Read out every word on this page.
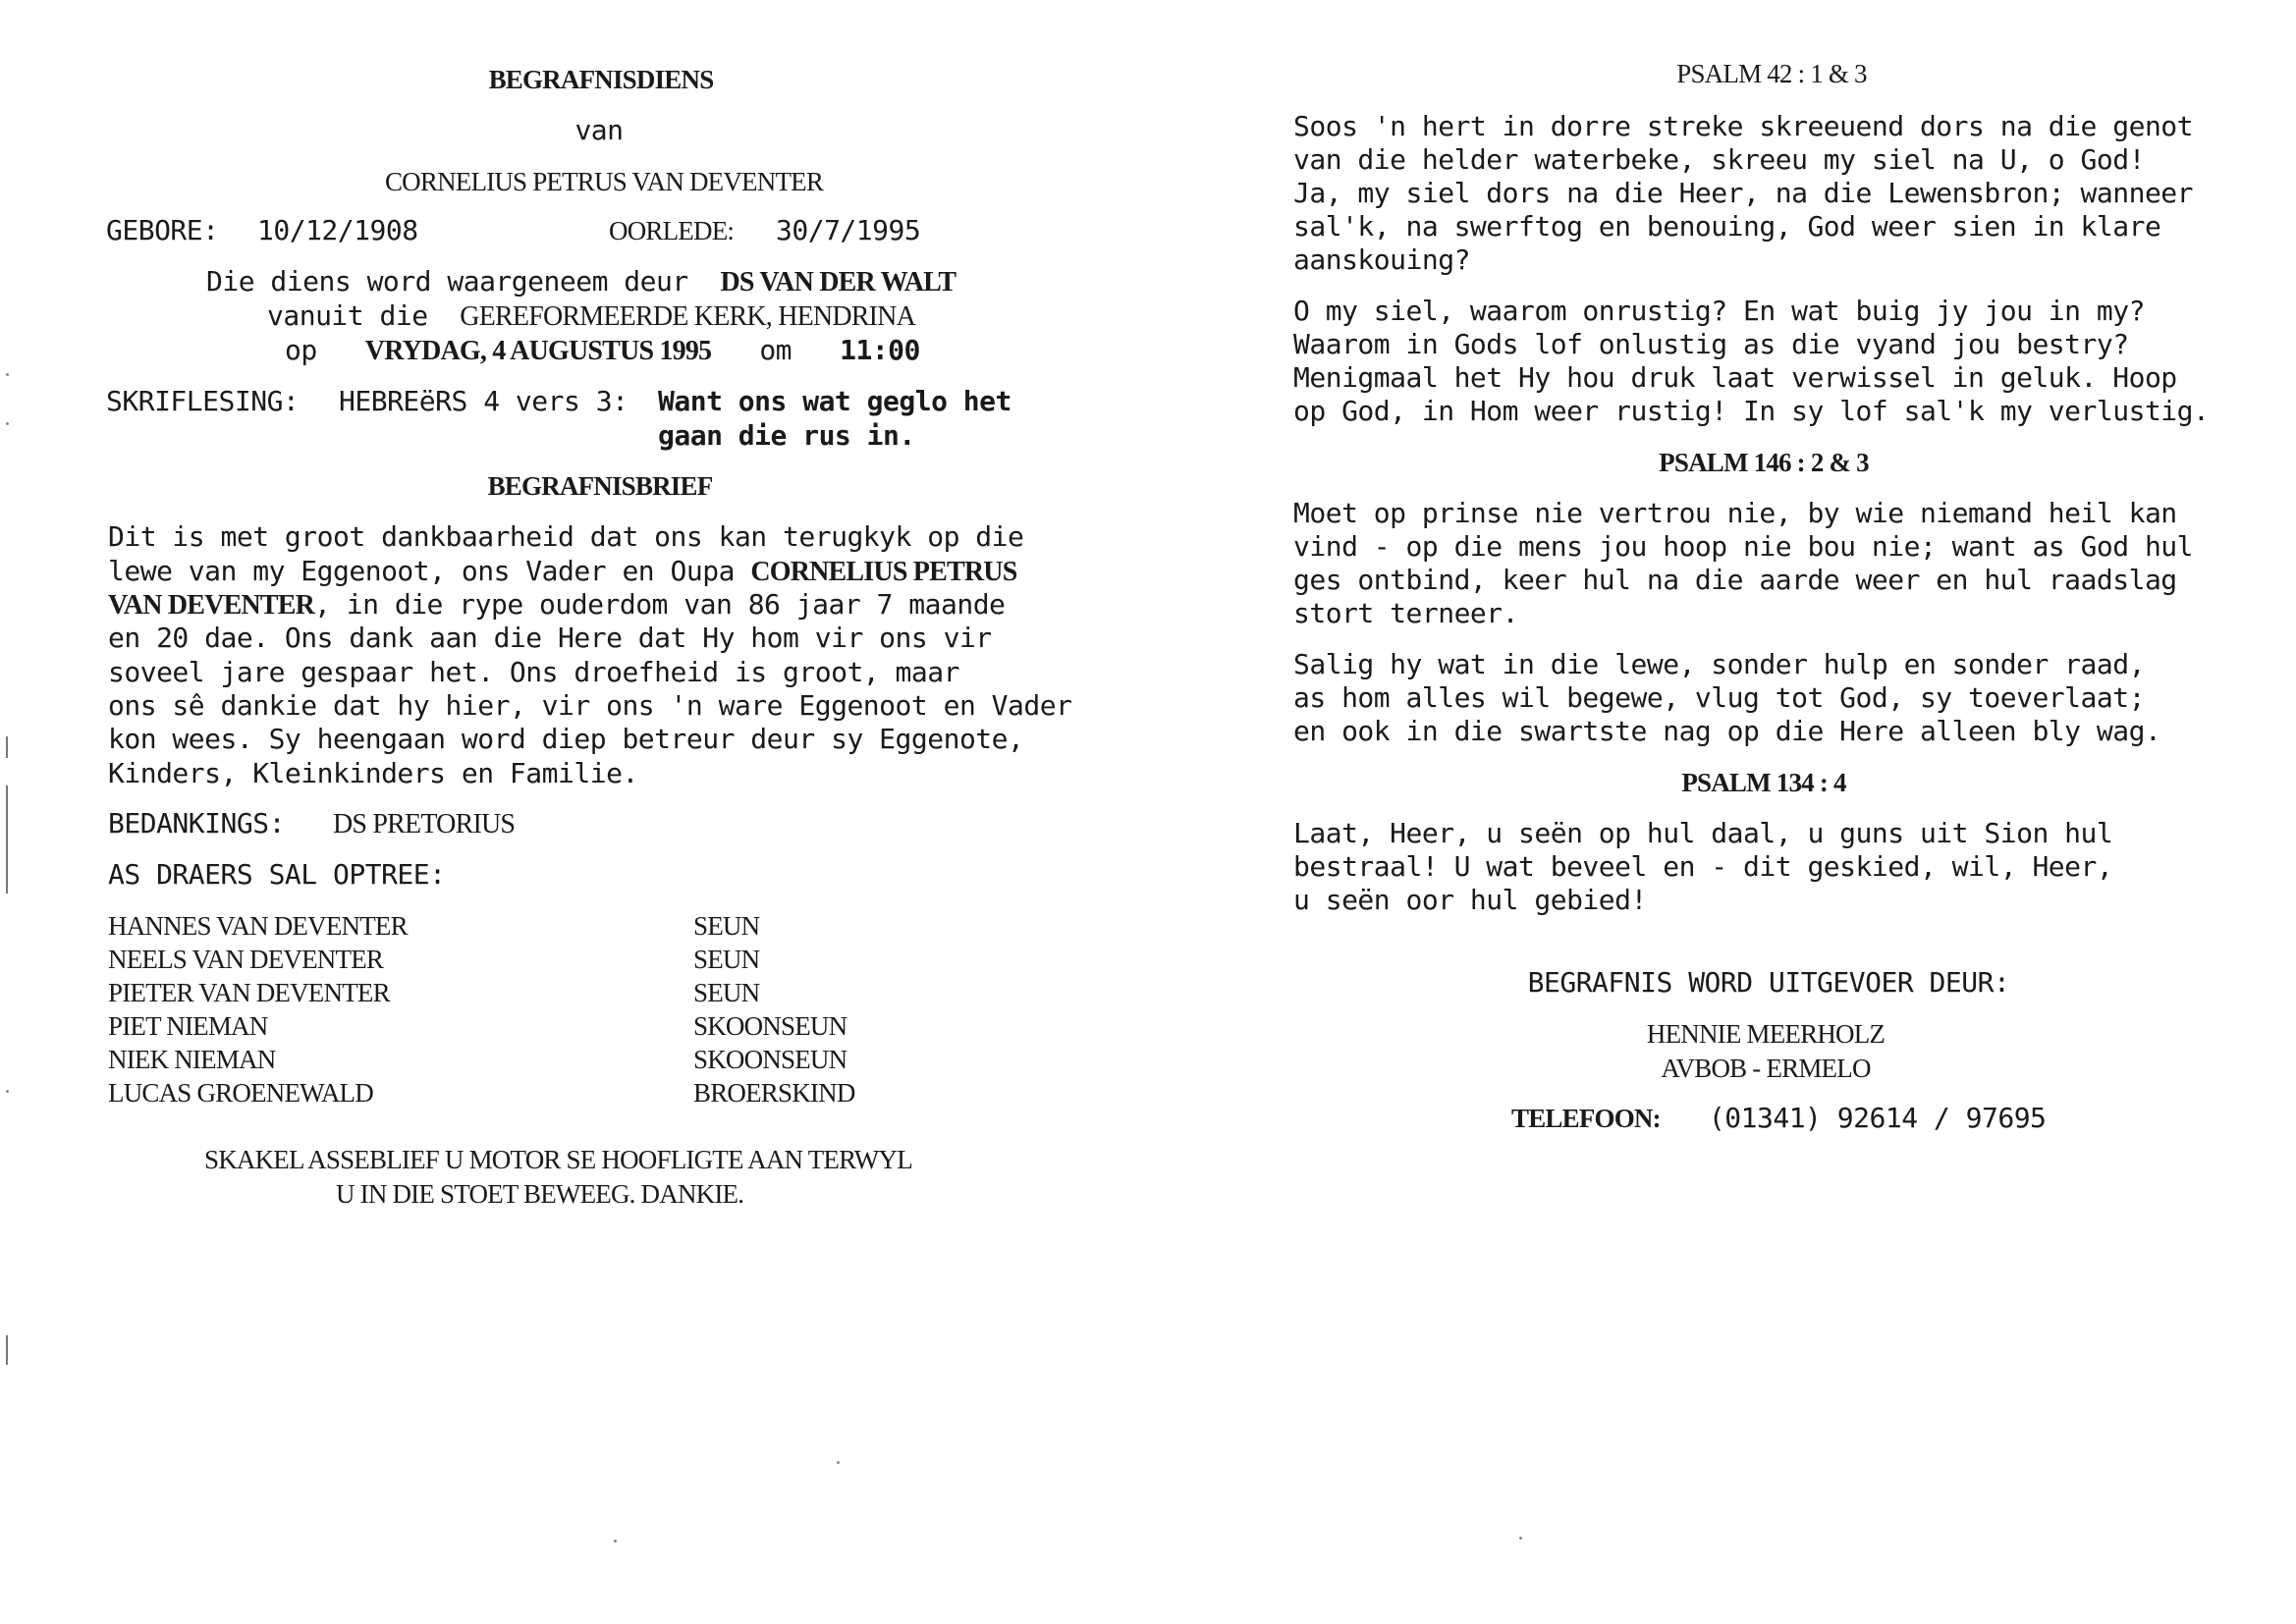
BEGRAFNISDIENS
van
CORNELIUS PETRUS VAN DEVENTER
GEBORE: 10/12/1908	OORLEDE: 30/7/1995
Die diens word waargeneem deur DS VAN DER WALT
vanuit die GEREFORMEERDE KERK, HENDRINA
op VRYDAG, 4 AUGUSTUS 1995 om 11:00
SKRIFLESING: HEBREëRS 4 vers 3: Want ons wat geglo het
gaan die rus in.
BEGRAFNISBRIEF
Dit is met groot dankbaarheid dat ons kan terugkyk op die
lewe van my Eggenoot, ons Vader en Oupa CORNELIUS PETRUS
VAN DEVENTER, in die rype ouderdom van 86 jaar 7 maande
en 20 dae. Ons dank aan die Here dat Hy hom vir ons vir
soveel jare gespaar het. Ons droefheid is groot, maar
ons sê dankie dat hy hier, vir ons 'n ware Eggenoot en Vader
kon wees. Sy heengaan word diep betreur deur sy Eggenote,
Kinders, Kleinkinders en Familie.
BEDANKINGS: DS PRETORIUS
AS DRAERS SAL OPTREE:
HANNES VAN DEVENTER	SEUN
NEELS VAN DEVENTER	SEUN
PIETER VAN DEVENTER	SEUN
PIET NIEMAN	SKOONSEUN
NIEK NIEMAN	SKOONSEUN
LUCAS GROENEWALD	BROERSKIND
SKAKEL ASSEBLIEF U MOTOR SE HOOFLIGTE AAN TERWYL
U IN DIE STOET BEWEEG. DANKIE.
PSALM 42 : 1 & 3
Soos 'n hert in dorre streke skreeuend dors na die genot
van die helder waterbeke, skreeu my siel na U, o God!
Ja, my siel dors na die Heer, na die Lewensbron; wanneer
sal'k, na swerftog en benouing, God weer sien in klare
aanskouing?
O my siel, waarom onrustig? En wat buig jy jou in my?
Waarom in Gods lof onlustig as die vyand jou bestry?
Menigmaal het Hy hou druk laat verwissel in geluk. Hoop
op God, in Hom weer rustig! In sy lof sal'k my verlustig.
PSALM 146 : 2 & 3
Moet op prinse nie vertrou nie, by wie niemand heil kan
vind - op die mens jou hoop nie bou nie; want as God hul
ges ontbind, keer hul na die aarde weer en hul raadslag
stort terneer.
Salig hy wat in die lewe, sonder hulp en sonder raad,
as hom alles wil begewe, vlug tot God, sy toeverlaat;
en ook in die swartste nag op die Here alleen bly wag.
PSALM 134 : 4
Laat, Heer, u seën op hul daal, u guns uit Sion hul
bestraal! U wat beveel en - dit geskied, wil, Heer,
u seën oor hul gebied!
BEGRAFNIS WORD UITGEVOER DEUR:
HENNIE MEERHOLZ
AVBOB - ERMELO
TELEFOON: (01341) 92614 / 97695
